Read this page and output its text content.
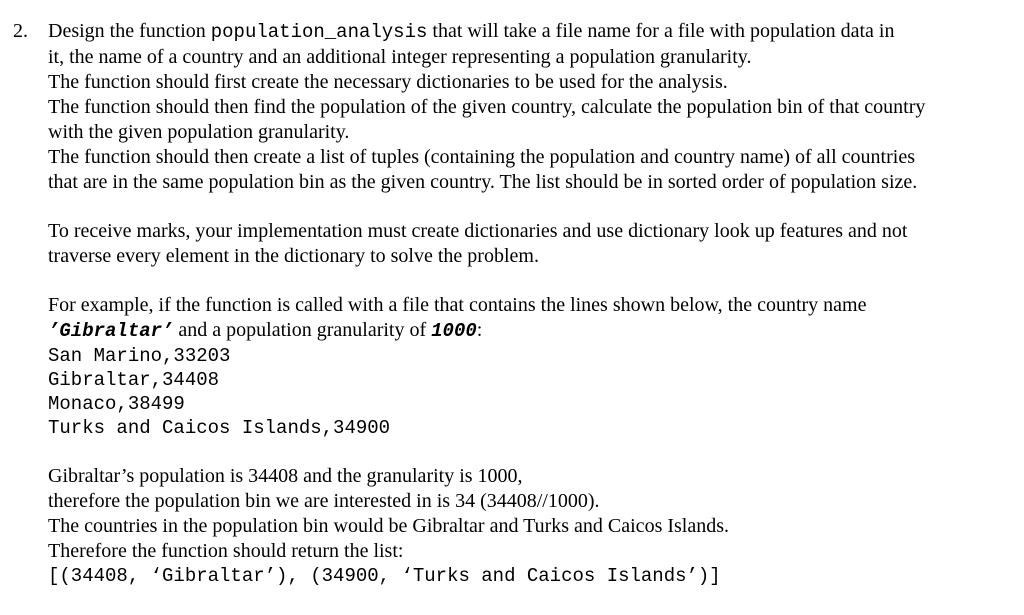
2. Design the function population_analysis that will take a file name for a file with population data in
it, the name of a country and an additional integer representing a population granularity.
The function should first create the necessary dictionaries to be used for the analysis.
The function should then find the population of the given country, calculate the population bin of that country
with the given population granularity.
The function should then create a list of tuples (containing the population and country name) of all countries
that are in the same population bin as the given country. The list should be in sorted order of population size.
To receive marks, your implementation must create dictionaries and use dictionary look up features and not
traverse every element in the dictionary to solve the problem.
For example, if the function is called with a file that contains the lines shown below, the country name
’Gibraltar’ and a population granularity of 1000:
San Marino,33203
Gibraltar,34408
Monaco,38499
Turks and Caicos Islands,34900
Gibraltar’s population is 34408 and the granularity is 1000,
therefore the population bin we are interested in is 34 (34408//1000).
The countries in the population bin would be Gibraltar and Turks and Caicos Islands.
Therefore the function should return the list:
[(34408, ‘Gibraltar’), (34900, ‘Turks and Caicos Islands’)]
